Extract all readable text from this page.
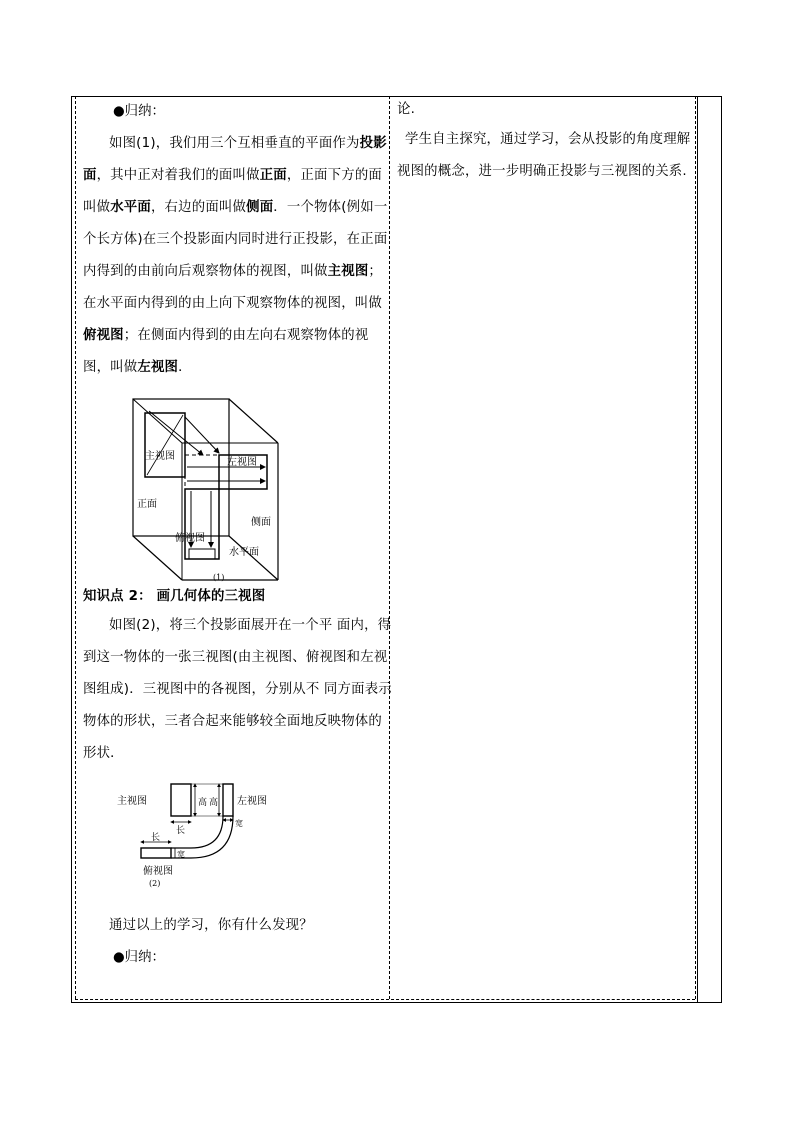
●归纳：

如图(1)，我们用三个互相垂直的平面作为投影面，其中正对着我们的面叫做正面，正面下方的面叫做水平面，右边的面叫做侧面．一个物体(例如一个长方体)在三个投影面内同时进行正投影，在正面内得到的由前向后观察物体的视图，叫做主视图；在水平面内得到的由上向下观察物体的视图，叫做俯视图；在侧面内得到的由左向右观察物体的视图，叫做左视图．

主视图
左视图
正面
侧面
俯视图
水平面
(1)

知识点 2： 画几何体的三视图

如图(2)，将三个投影面展开在一个平 面内，得到这一物体的一张三视图(由主视图、俯视图和左视图组成)．三视图中的各视图，分别从不 同方面表示物体的形状，三者合起来能够较全面地反映物体的形状．

主视图	左视图
高 高
长
长
宽
宽
俯视图
(2)

通过以上的学习，你有什么发现？

●归纳：

论.

学生自主探究，通过学习，会从投影的角度理解视图的概念，进一步明确正投影与三视图的关系.
